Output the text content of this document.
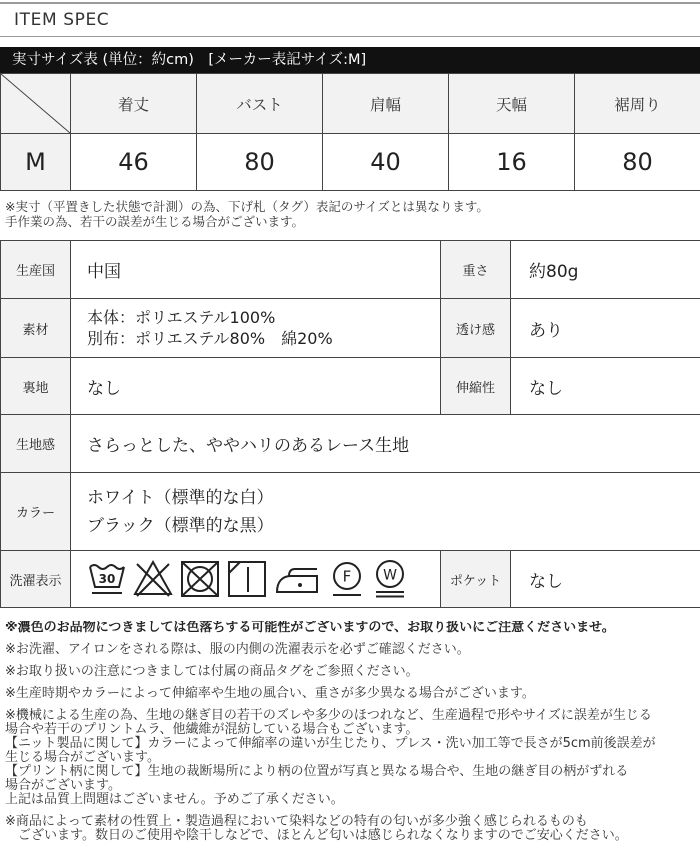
ITEM SPEC
実寸サイズ表 (単位：約cm)　[メーカー表記サイズ:M]
	着丈	バスト	肩幅	天幅	裾周り
M	46	80	40	16	80
※実寸（平置きした状態で計測）の為、下げ札（タグ）表記のサイズとは異なります。
手作業の為、若干の誤差が生じる場合がございます。
生産国	中国	重さ	約80g
素材	本体：ポリエステル100%
別布：ポリエステル80%　綿20%	透け感	あり
裏地	なし	伸縮性	なし
生地感	さらっとした、ややハリのあるレース生地		
カラー	ホワイト（標準的な白）
ブラック（標準的な黒）		

洗濯表示	30 F W	ポケット	なし
※濃色のお品物につきましては色落ちする可能性がございますので、お取り扱いにご注意くださいませ。
※お洗濯、アイロンをされる際は、服の内側の洗濯表示を必ずご確認ください。
※お取り扱いの注意につきましては付属の商品タグをご参照ください。
※生産時期やカラーによって伸縮率や生地の風合い、重さが多少異なる場合がございます。
※機械による生産の為、生地の継ぎ目の若干のズレや多少のほつれなど、生産過程で形やサイズに誤差が生じる
場合や若干のプリントムラ、他繊維が混紡している場合もございます。
【ニット製品に関して】カラーによって伸縮率の違いが生じたり、プレス・洗い加工等で長さが5cm前後誤差が
生じる場合がございます。
【プリント柄に関して】生地の裁断場所により柄の位置が写真と異なる場合や、生地の継ぎ目の柄がずれる
場合がございます。
上記は品質上問題はございません。予めご了承ください。
※商品によって素材の性質上・製造過程において染料などの特有の匂いが多少強く感じられるものも
　ございます。数日のご使用や陰干しなどで、ほとんど匂いは感じられなくなりますのでご安心ください。
